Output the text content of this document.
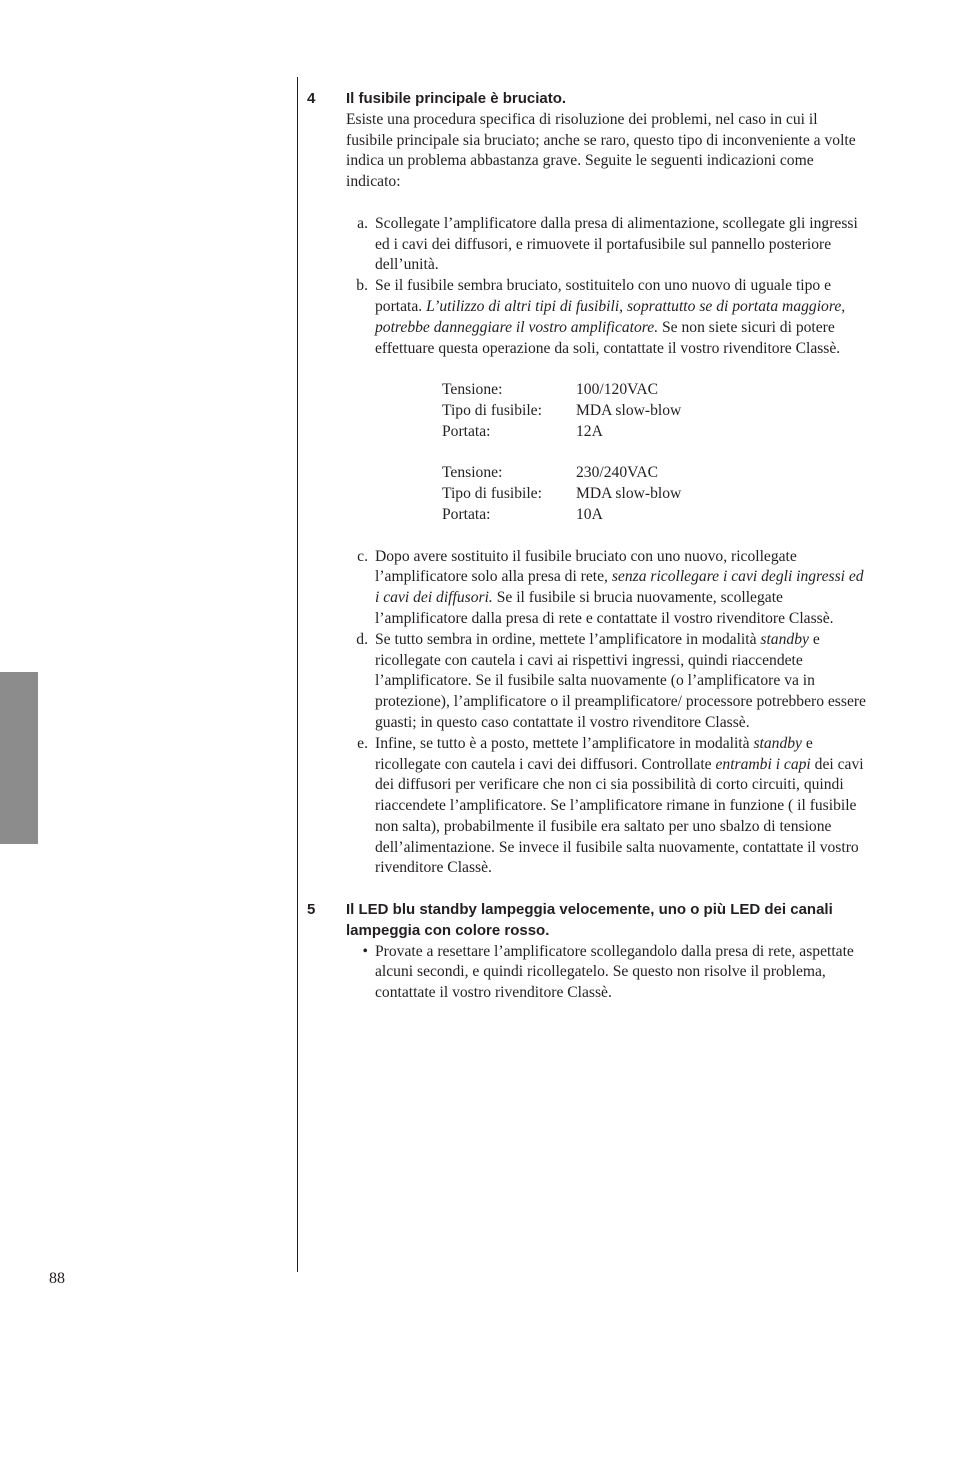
ITALIANO
4 Il fusibile principale è bruciato.
Esiste una procedura specifica di risoluzione dei problemi, nel caso in cui il fusibile principale sia bruciato; anche se raro, questo tipo di inconveniente a volte indica un problema abbastanza grave. Seguite le seguenti indicazioni come indicato:
a. Scollegate l’amplificatore dalla presa di alimentazione, scollegate gli ingressi ed i cavi dei diffusori, e rimuovete il portafusibile sul pannello posteriore dell’unità.
b. Se il fusibile sembra bruciato, sostituitelo con uno nuovo di uguale tipo e portata. L’utilizzo di altri tipi di fusibili, soprattutto se di portata maggiore, potrebbe danneggiare il vostro amplificatore. Se non siete sicuri di potere effettuare questa operazione da soli, contattate il vostro rivenditore Classè.
Tensione:	100/120VAC
Tipo di fusibile:	MDA slow-blow
Portata:	12A
Tensione:	230/240VAC
Tipo di fusibile:	MDA slow-blow
Portata:	10A
c. Dopo avere sostituito il fusibile bruciato con uno nuovo, ricollegate l’amplificatore solo alla presa di rete, senza ricollegare i cavi degli ingressi ed i cavi dei diffusori. Se il fusibile si brucia nuovamente, scollegate l’amplificatore dalla presa di rete e contattate il vostro rivenditore Classè.
d. Se tutto sembra in ordine, mettete l’amplificatore in modalità standby e ricollegate con cautela i cavi ai rispettivi ingressi, quindi riaccendete l’amplificatore. Se il fusibile salta nuovamente (o l’amplificatore va in protezione), l’amplificatore o il preamplificatore/ processore potrebbero essere guasti; in questo caso contattate il vostro rivenditore Classè.
e. Infine, se tutto è a posto, mettete l’amplificatore in modalità standby e ricollegate con cautela i cavi dei diffusori. Controllate entrambi i capi dei cavi dei diffusori per verificare che non ci sia possibilità di corto circuiti, quindi riaccendete l’amplificatore. Se l’amplificatore rimane in funzione ( il fusibile non salta), probabilmente il fusibile era saltato per uno sbalzo di tensione dell’alimentazione. Se invece il fusibile salta nuovamente, contattate il vostro rivenditore Classè.
5 Il LED blu standby lampeggia velocemente, uno o più LED dei canali lampeggia con colore rosso.
• Provate a resettare l’amplificatore scollegandolo dalla presa di rete, aspettate alcuni secondi, e quindi ricollegatelo. Se questo non risolve il problema, contattate il vostro rivenditore Classè.
88
